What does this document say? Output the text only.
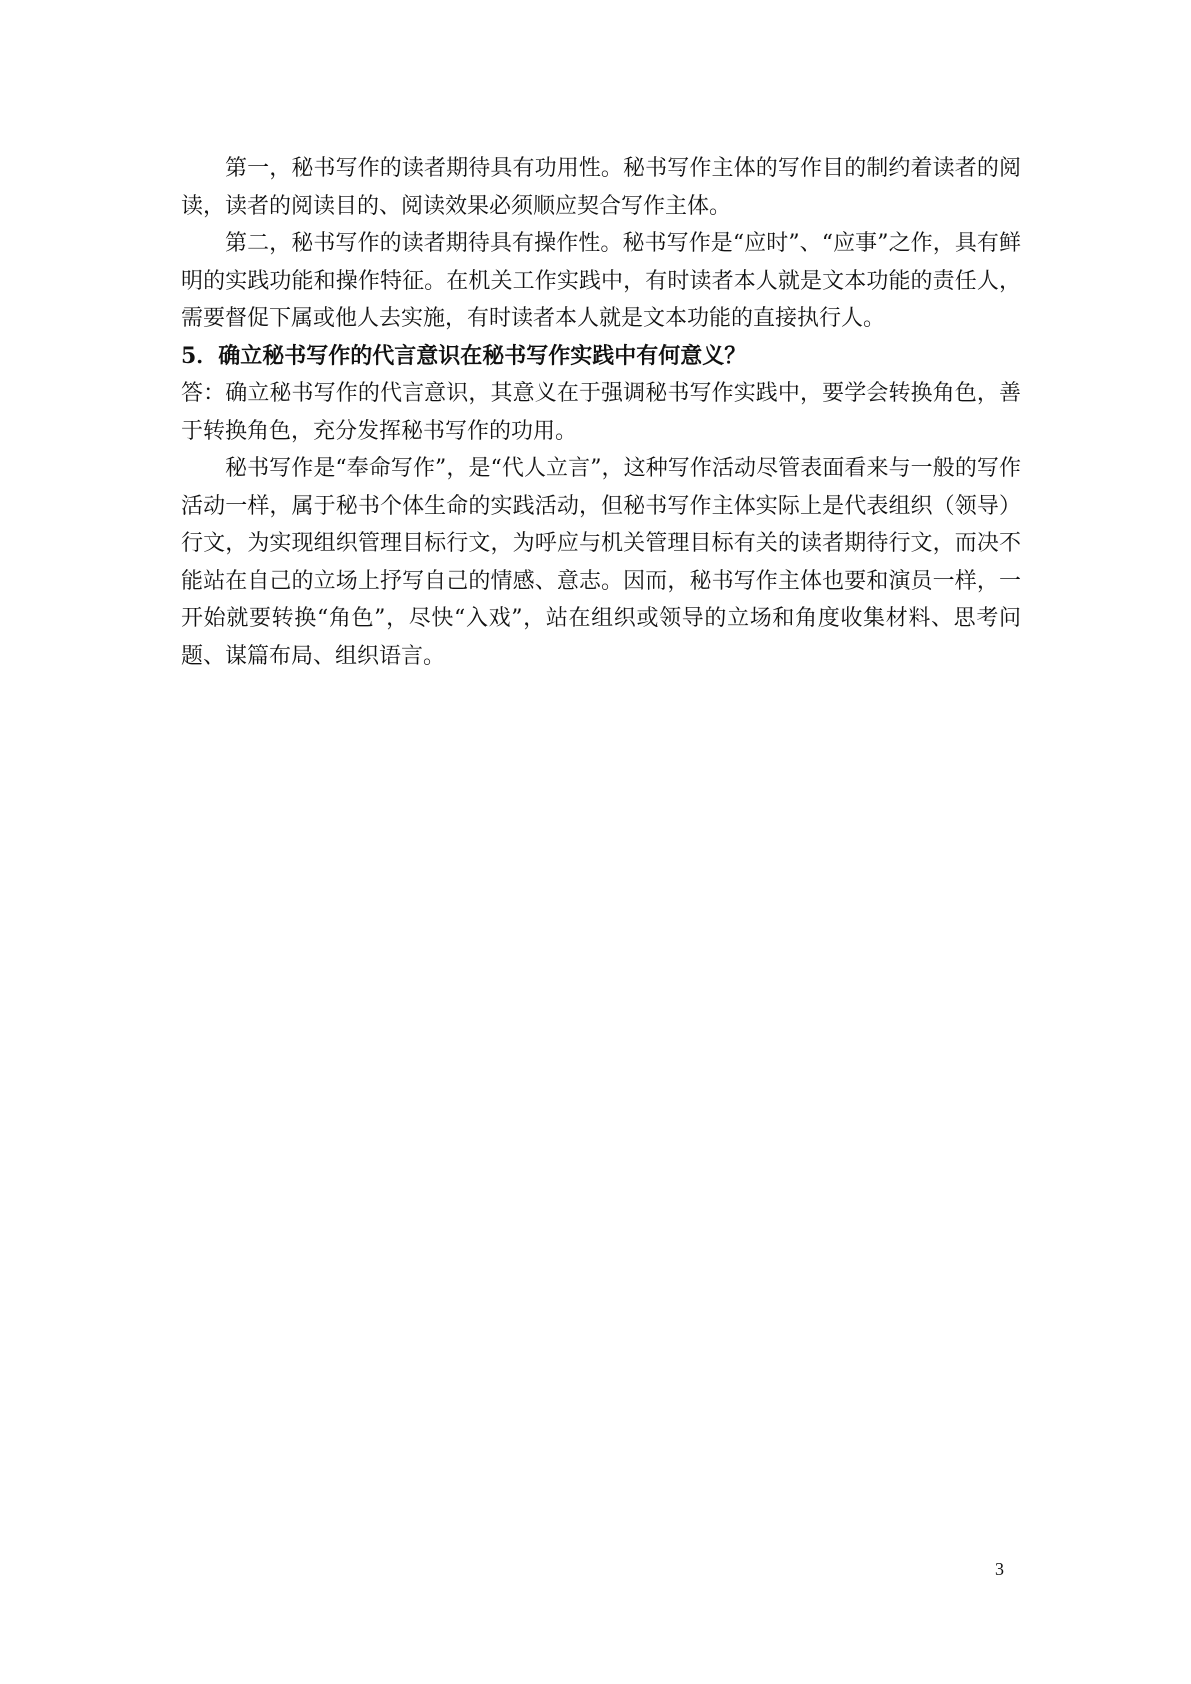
第一，秘书写作的读者期待具有功用性。秘书写作主体的写作目的制约着读者的阅读，读者的阅读目的、阅读效果必须顺应契合写作主体。

第二，秘书写作的读者期待具有操作性。秘书写作是“应时”、“应事”之作，具有鲜明的实践功能和操作特征。在机关工作实践中，有时读者本人就是文本功能的责任人，需要督促下属或他人去实施，有时读者本人就是文本功能的直接执行人。

5．确立秘书写作的代言意识在秘书写作实践中有何意义？

答：确立秘书写作的代言意识，其意义在于强调秘书写作实践中，要学会转换角色，善于转换角色，充分发挥秘书写作的功用。

秘书写作是“奉命写作”，是“代人立言”，这种写作活动尽管表面看来与一般的写作活动一样，属于秘书个体生命的实践活动，但秘书写作主体实际上是代表组织（领导）行文，为实现组织管理目标行文，为呼应与机关管理目标有关的读者期待行文，而决不能站在自己的立场上抒写自己的情感、意志。因而，秘书写作主体也要和演员一样，一开始就要转换“角色”，尽快“入戏”，站在组织或领导的立场和角度收集材料、思考问题、谋篇布局、组织语言。

3
